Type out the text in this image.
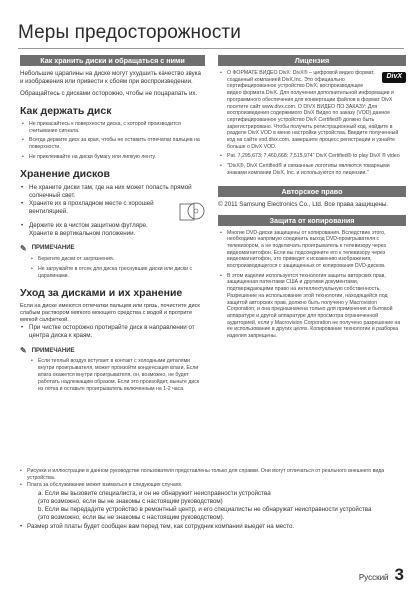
Меры предосторожности
Как хранить диски и обращаться с ними
Небольшие царапины на диске могут ухудшить качество звука и изображения или привести к сбоям при воспроизведении.
Обращайтесь с дисками осторожно, чтобы не поцарапать их.
Как держать диск
• Не прикасайтесь к поверхности диска, с которой производится считывание сигнала.
• Всегда держите диск за края, чтобы не оставить отпечатки пальцев на поверхности.
• Не приклеивайте на диски бумагу или липкую ленту.
Хранение дисков
• Не храните диски там, где на них может попасть прямой солнечный свет.
• Храните их в прохладном месте с хорошей вентиляцией.
• Держите их в чистом защитном футляре.
Храните в вертикальном положении.
✎ ПРИМЕЧАНИЕ
• Берегите диски от загрязнения.
• Не загружайте в отсек для диска треснувшие диски или диски с царапинами.
Уход за дисками и их хранение
Если на диске имеются отпечатки пальцев или грязь, почистите диск слабым раствором мягкого моющего средства с водой и протрите мягкой салфеткой.
• При чистке осторожно протирайте диск в направлении от центра диска к краям.
✎ ПРИМЕЧАНИЕ
• Если теплый воздух вступает в контакт с холодными деталями внутри проигрывателя, может произойти конденсация влаги. Если влага окажется внутри проигрывателя, он, возможно, не будет работать надлежащим образом. Если это произойдет, выньте диск из лотка и оставьте проигрыватель включенным на 1-2 часа.
Лицензия
• DivX
О ФОРМАТЕ ВИДЕО DivX: DivX® – цифровой видео формат, созданный компанией DivX,Inc. Это официально сертифицированное устройство DivX, воспроизводящее видео формата DivX. Для получения дополнительной информации и программного обеспечения для конвертации файлов в формат DivX посетите сайт www.divx.com. О DIVX ВИДЕО ПО ЗАКАЗУ: Для воспроизведения содержимого DivX Видео по заказу (VOD) данное сертифицированное устройство DivX Certified® должно быть зарегистрировано. Чтобы получить регистрационный код, найдите в разделе DivX VOD в меню настройки устройства. Введите полученный код на сайте vod.divx.com, завершите процесс регистрации и узнайте больше о DivX VOD.
• Pat. 7,295,673; 7,460,668; 7,515,974" DivX Certified® to play DivX ® video
• "DivX®, DivX Certified® и связанные логотипы являются товарными знаками компании DivX, Inc. и используются по лицензии."
Авторское право
© 2011 Samsung Electronics Co., Ltd. Все права защищены.
Защита от копирования
• Многие DVD-диски защищены от копирования. Вследствие этого, необходимо напрямую соединить выход DVD-проигрывателя с телевизором, а не подключать проигрыватель к телевизору через видеомагнитофон. Если вы подсоедините его к телевизору через видеомагнитофон, это приведет к искажению изображения, воспроизводящегося с защищенных от копирования DVD-дисков.
• В этом изделии используется технология защиты авторских прав, защищенная патентами США и другими документами, подтверждающими право на интеллектуальную собственность. Разрешение на использование этой технологии, находящейся под защитой авторских прав, должно быть получено у Macrovision Corporation; и она предназначена только для применения в бытовой аппаратуре и другой аппаратуре для просмотра ограниченной аудиторией, если у Macrovision Corporation не получено разрешение на ее использование в других целях. Копирование технологии и разборка изделия запрещены.
• Рисунки и иллюстрации в данном руководстве пользователя представлены только для справки. Они могут отличаться от реального внешнего вида устройства.
• Плата за обслуживание может взиматься в следующих случаях.
а. Если вы вызовите специалиста, и он не обнаружит неисправности устройства
(это возможно, если вы не знакомы с настоящим руководством)
b. Если вы передадите устройство в ремонтный центр, и его специалисты не обнаружат неисправности устройства
(это возможно, если вы не знакомы с настоящим руководством).
• Размер этой платы будет сообщен вам перед тем, как сотрудник компании выедет на место.
Русский 3
